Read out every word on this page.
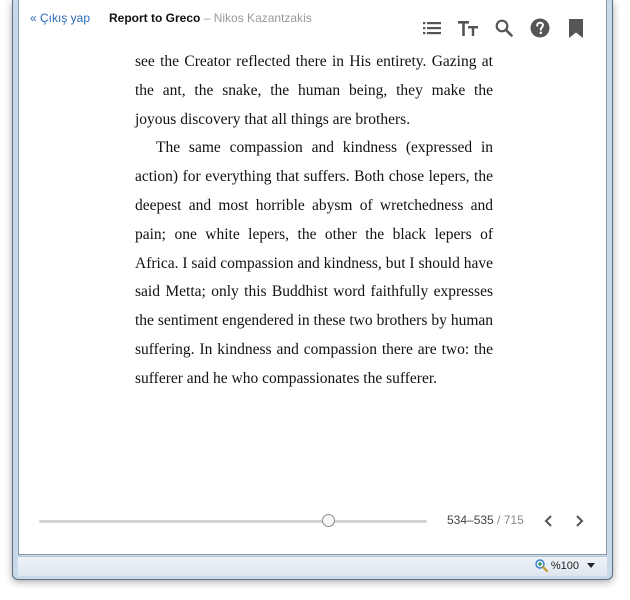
« Çıkış yap Report to Greco – Nikos Kazantzakis

see the Creator reflected there in His entirety. Gazing at the ant, the snake, the human being, they make the joyous discovery that all things are brothers.

The same compassion and kindness (expressed in action) for everything that suffers. Both chose lepers, the deepest and most horrible abysm of wretchedness and pain; one white lepers, the other the black lepers of Africa. I said compassion and kindness, but I should have said Metta; only this Buddhist word faithfully expresses the sentiment engendered in these two brothers by human suffering. In kindness and compassion there are two: the sufferer and he who compassionates the sufferer.

534–535 / 715
%100
